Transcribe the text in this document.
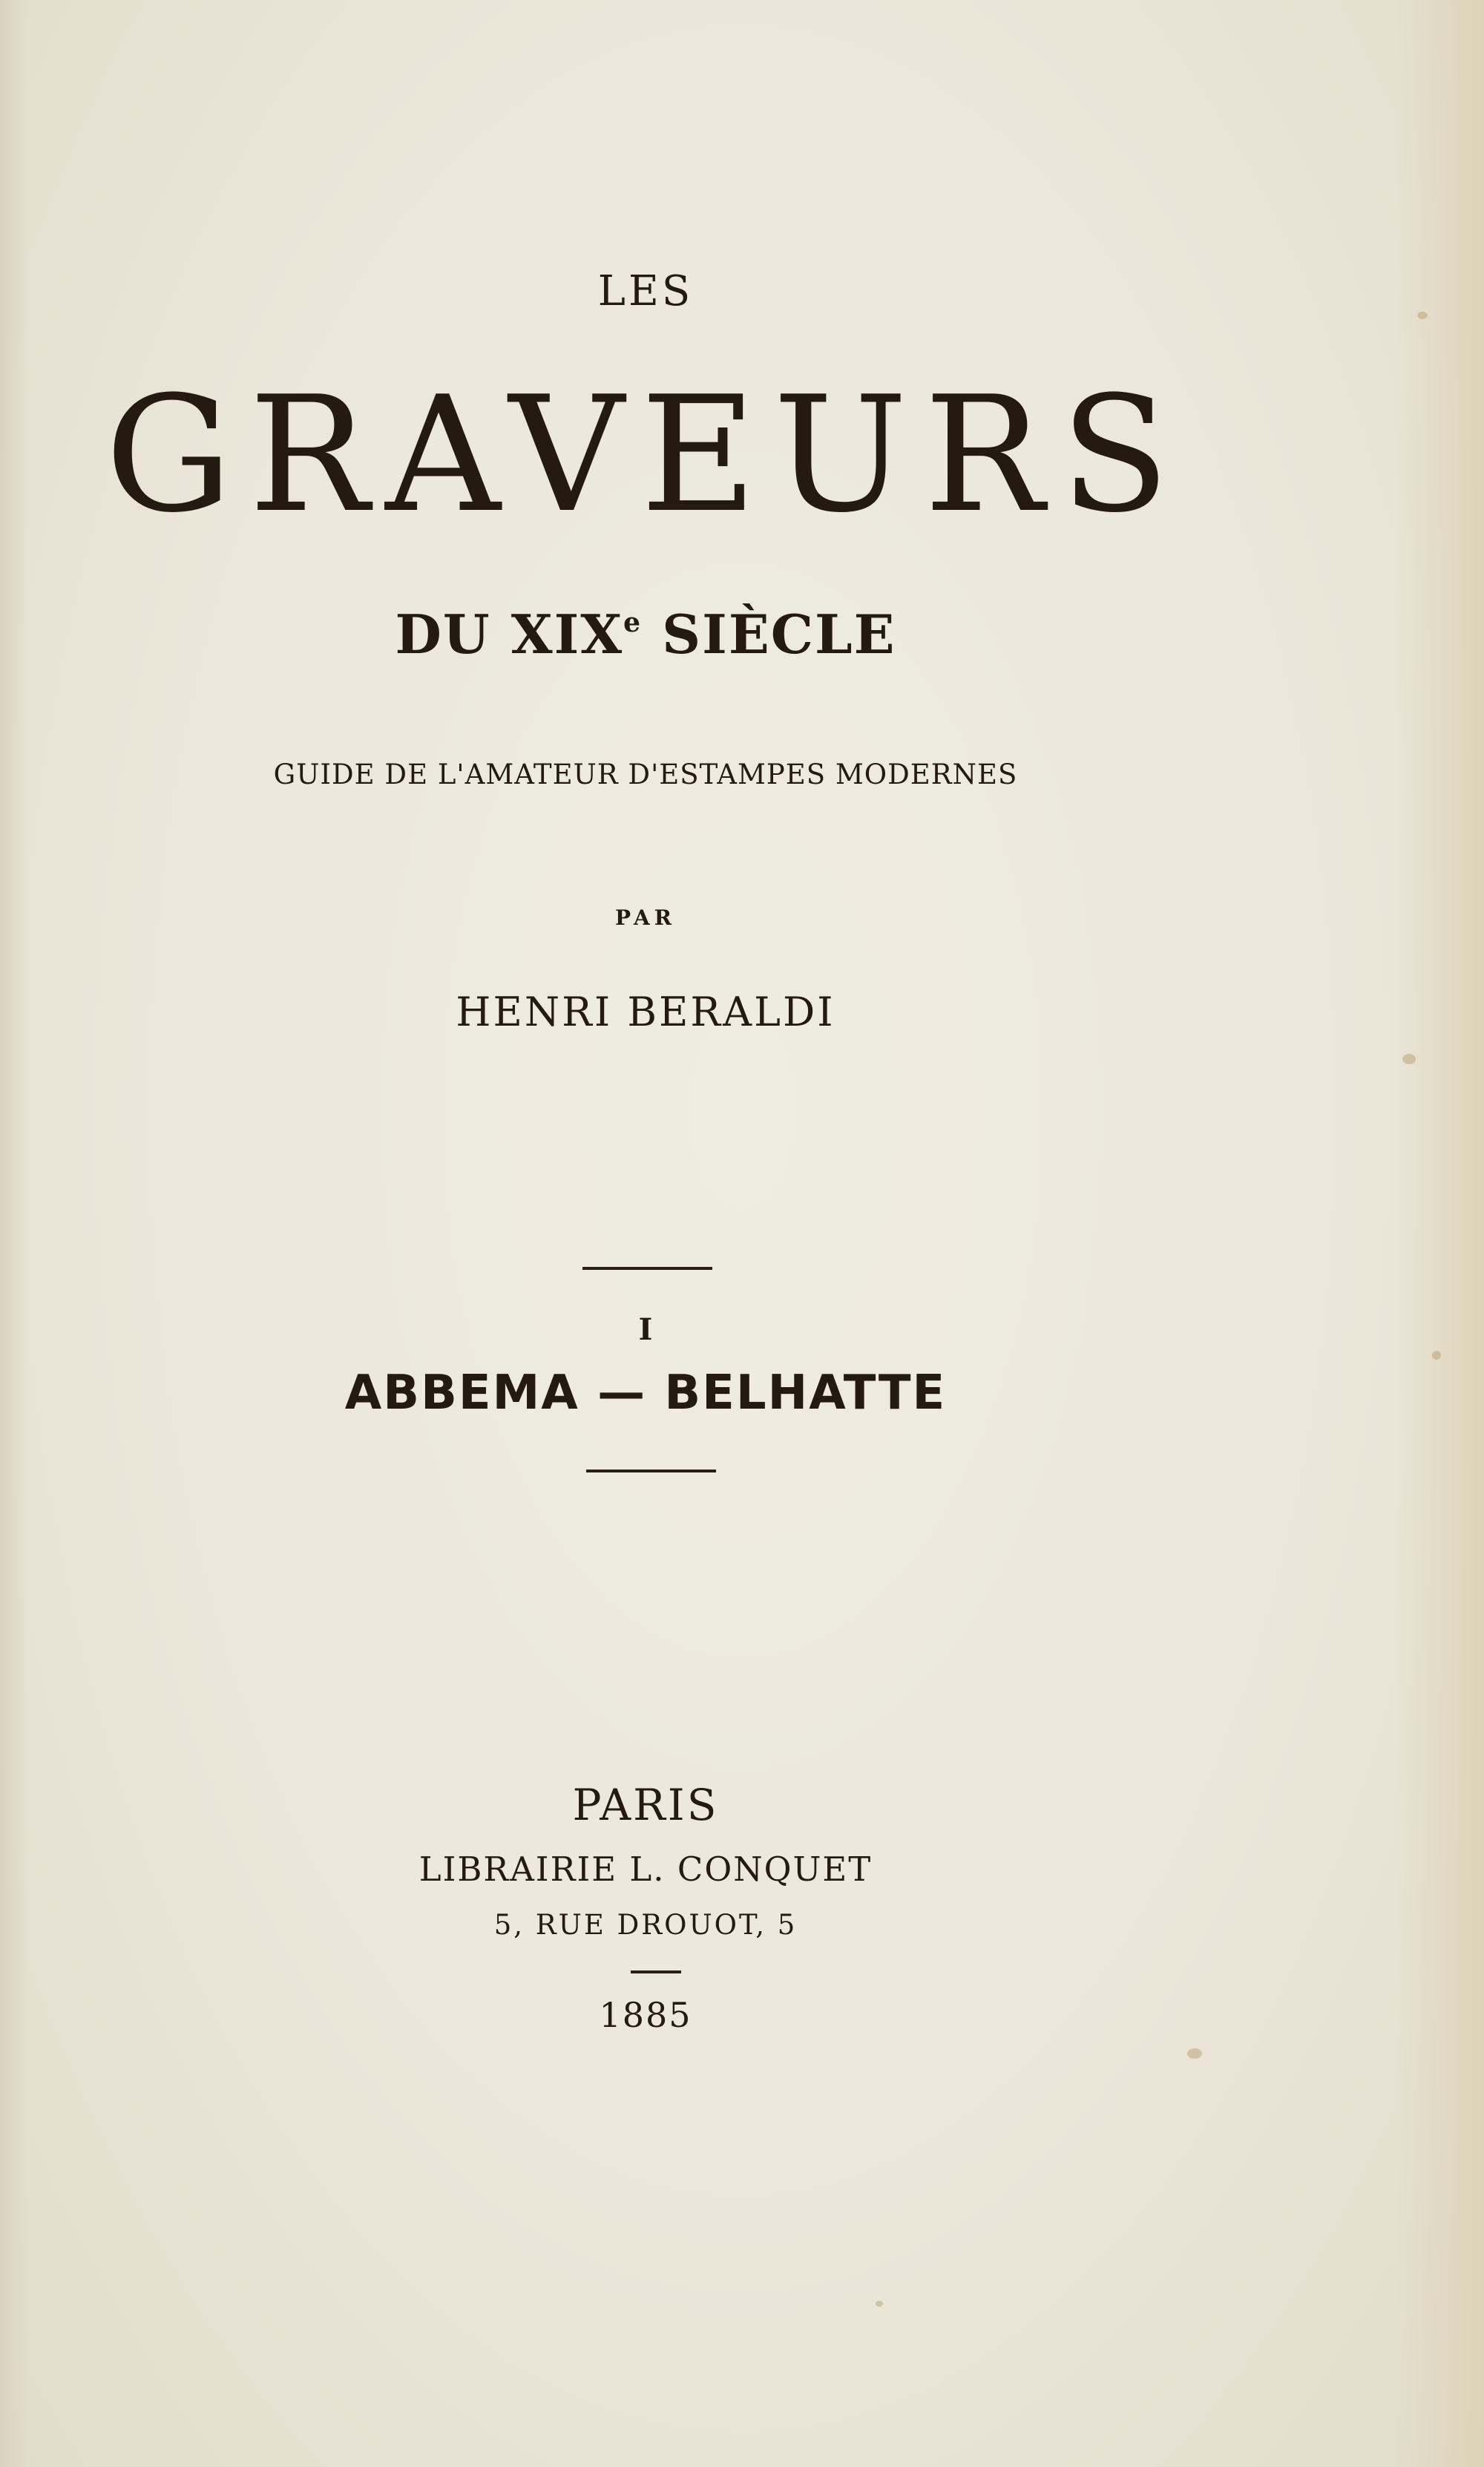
LES
GRAVEURS
DU XIXe SIÈCLE
GUIDE DE L'AMATEUR D'ESTAMPES MODERNES
PAR
HENRI BERALDI
I
ABBEMA — BELHATTE
PARIS
LIBRAIRIE L. CONQUET
5, RUE DROUOT, 5
1885
